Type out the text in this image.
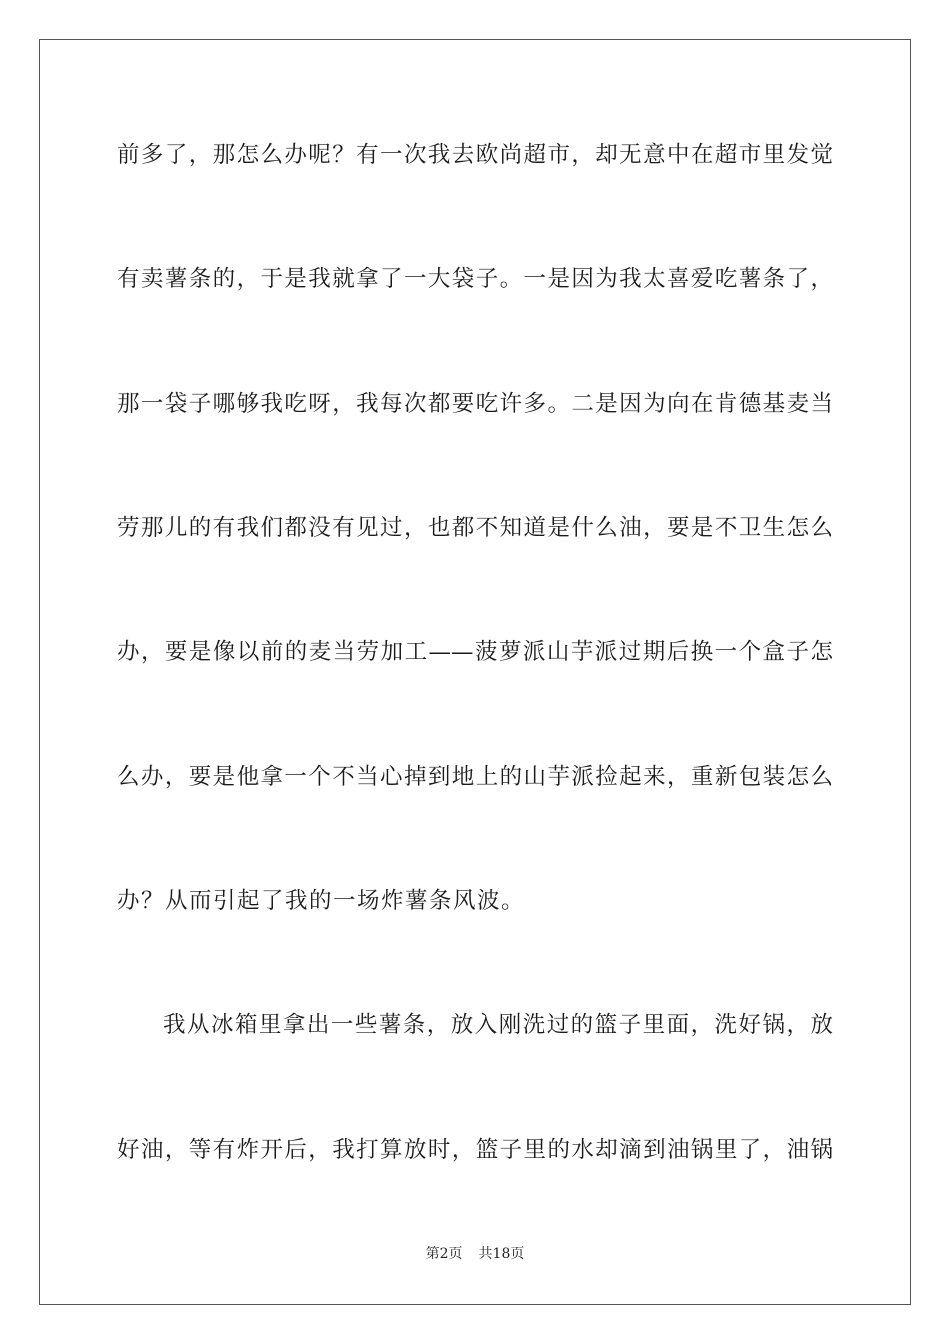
前多了，那怎么办呢？有一次我去欧尚超市，却无意中在超市里发觉
有卖薯条的，于是我就拿了一大袋子。一是因为我太喜爱吃薯条了，
那一袋子哪够我吃呀，我每次都要吃许多。二是因为向在肯德基麦当
劳那儿的有我们都没有见过，也都不知道是什么油，要是不卫生怎么
办，要是像以前的麦当劳加工——菠萝派山芋派过期后换一个盒子怎
么办，要是他拿一个不当心掉到地上的山芋派捡起来，重新包装怎么
办？从而引起了我的一场炸薯条风波。
我从冰箱里拿出一些薯条，放入刚洗过的篮子里面，洗好锅，放
好油，等有炸开后，我打算放时，篮子里的水却滴到油锅里了，油锅
第2页 共18页
